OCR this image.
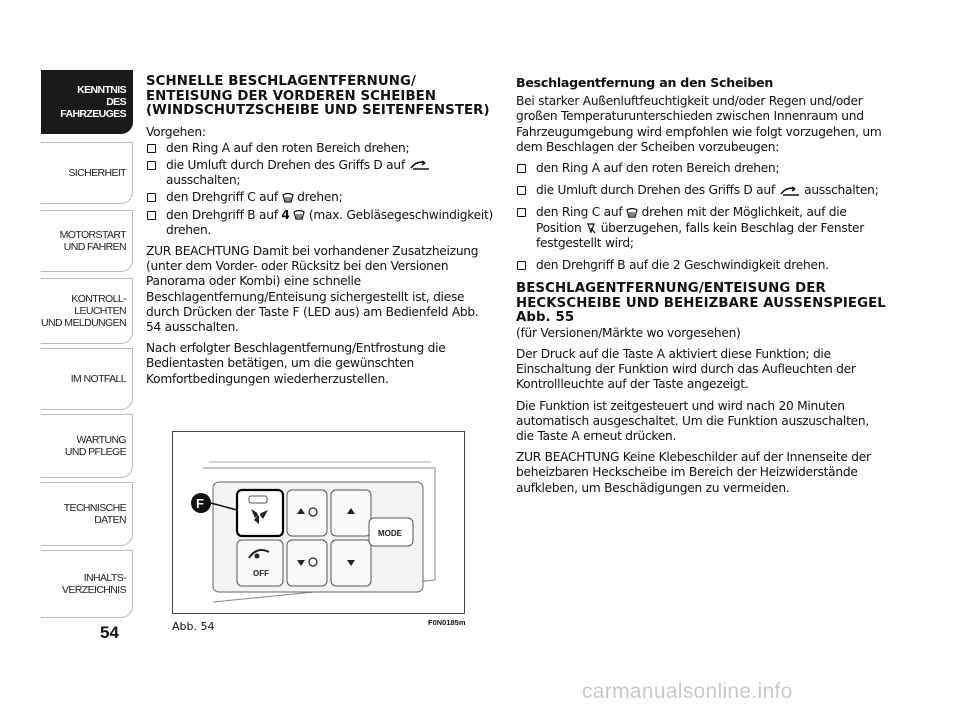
KENNTNIS
DES FAHRZEUGES
SICHERHEIT
MOTORSTART
UND FAHREN
KONTROLL-
LEUCHTEN
UND MELDUNGEN
IM NOTFALL
WARTUNG
UND PFLEGE
TECHNISCHE
DATEN
INHALTS-
VERZEICHNIS
54

SCHNELLE BESCHLAGENTFERNUNG/ ENTEISUNG DER VORDEREN SCHEIBEN (WINDSCHUTZSCHEIBE UND SEITENFENSTER)

Vorgehen:

den Ring A auf den roten Bereich drehen;
die Umluft durch Drehen des Griffs D auf  ausschalten;
den Drehgriff C auf drehen;
den Drehgriff B auf 4 (max. Gebläsegeschwindigkeit) drehen.

ZUR BEACHTUNG Damit bei vorhandener Zusatzheizung (unter dem Vorder- oder Rücksitz bei den Versionen Panorama oder Kombi) eine schnelle Beschlagentfernung/Enteisung sichergestellt ist, diese durch Drücken der Taste F (LED aus) am Bedienfeld Abb. 54 ausschalten.

Nach erfolgter Beschlagentfernung/Entfrostung die Bedientasten betätigen, um die gewünschten Komfortbedingungen wiederherzustellen.

OFF
MODE
F
Abb. 54	F0N0185m

Beschlagentfernung an den Scheiben

Bei starker Außenluftfeuchtigkeit und/oder Regen und/oder großen Temperaturunterschieden zwischen Innenraum und Fahrzeugumgebung wird empfohlen wie folgt vorzugehen, um dem Beschlagen der Scheiben vorzubeugen:

den Ring A auf den roten Bereich drehen;
die Umluft durch Drehen des Griffs D auf ausschalten;
den Ring C auf drehen mit der Möglichkeit, auf die Position überzugehen, falls kein Beschlag der Fenster festgestellt wird;
den Drehgriff B auf die 2 Geschwindigkeit drehen.

BESCHLAGENTFERNUNG/ENTEISUNG DER HECKSCHEIBE UND BEHEIZBARE AUSSENSPIEGEL Abb. 55

(für Versionen/Märkte wo vorgesehen)

Der Druck auf die Taste A aktiviert diese Funktion; die Einschaltung der Funktion wird durch das Aufleuchten der Kontrollleuchte auf der Taste angezeigt.

Die Funktion ist zeitgesteuert und wird nach 20 Minuten automatisch ausgeschaltet. Um die Funktion auszuschalten, die Taste A erneut drücken.

ZUR BEACHTUNG Keine Klebeschilder auf der Innenseite der beheizbaren Heckscheibe im Bereich der Heizwiderstände aufkleben, um Beschädigungen zu vermeiden.

carmanualsonline.info
